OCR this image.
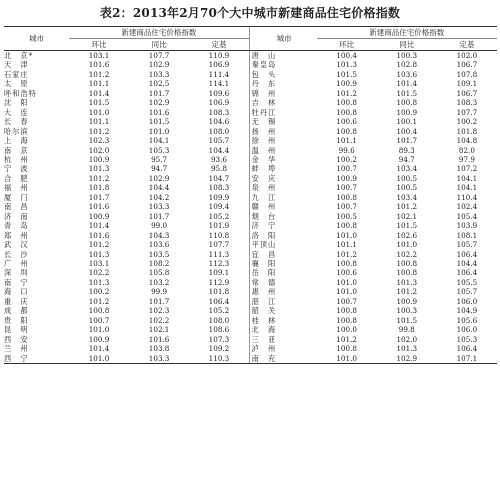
表2：2013年2月70个大中城市新建商品住宅价格指数
城市	新建商品住宅价格指数				城市	新建商品住宅价格指数		
	环比	同比	定基			环比	同比	定基
北　京*	103.1	107.7	110.9		唐　山	100.4	100.3	102.0
天　津	101.6	102.9	106.9		秦皇岛	101.3	102.8	106.7
石家庄	101.2	103.3	111.4		包　头	101.5	103.6	107.8
太　原	101.1	102.5	114.1		丹　东	100.9	101.4	109.1
呼和浩特	101.4	101.7	109.6		锦　州	101.2	101.5	106.7
沈　阳	101.5	102.9	106.9		吉　林	100.8	100.8	108.3
大　连	101.0	101.6	108.3		牡丹江	100.8	100.9	107.7
长　春	101.1	101.5	104.6		无　锡	100.6	100.1	100.2
哈尔滨	101.2	101.0	108.0		扬　州	100.8	100.4	101.8
上　海	102.3	104.1	105.7		徐　州	101.1	101.7	104.8
南　京	102.0	105.3	104.4		温　州	99.6	89.3	82.0
杭　州	100.9	95.7	93.6		金　华	100.2	94.7	97.9
宁　波	101.3	94.7	95.8		蚌　埠	100.7	103.4	107.2
合　肥	101.2	102.9	104.7		安　庆	100.9	100.5	104.1
福　州	101.8	104.4	108.3		泉　州	100.7	100.5	104.1
厦　门	101.7	104.2	109.9		九　江	100.8	103.4	110.4
南　昌	101.6	103.3	109.4		赣　州	100.7	101.2	102.4
济　南	100.9	101.7	105.2		烟　台	100.5	102.1	105.4
青　岛	101.4	99.0	101.9		济　宁	100.8	101.5	103.9
郑　州	101.6	104.3	110.8		洛　阳	101.0	102.6	108.1
武　汉	101.2	103.6	107.7		平顶山	101.1	101.0	105.7
长　沙	101.3	103.5	111.3		宜　昌	101.2	102.2	106.4
广　州	103.1	108.2	112.3		襄　阳	100.8	100.8	104.4
深　圳	102.2	105.8	109.1		岳　阳	100.6	100.8	106.4
南　宁	101.3	103.2	112.9		常　德	101.0	101.3	105.5
海　口	100.2	99.9	101.8		惠　州	101.0	101.2	105.7
重　庆	101.2	101.7	106.4		湛　江	100.7	100.9	106.0
成　都	100.8	102.3	105.2		韶　关	100.8	100.3	104.9
贵　阳	100.7	102.2	108.0		桂　林	100.8	101.5	105.6
昆　明	101.0	102.1	108.6		北　海	100.0	99.8	106.0
西　安	100.9	101.6	107.3		三　亚	101.2	102.0	105.3
兰　州	101.4	103.8	109.2		泸　州	100.8	101.3	106.4
西　宁	101.0	103.3	110.3		南　充	101.0	102.9	107.1
